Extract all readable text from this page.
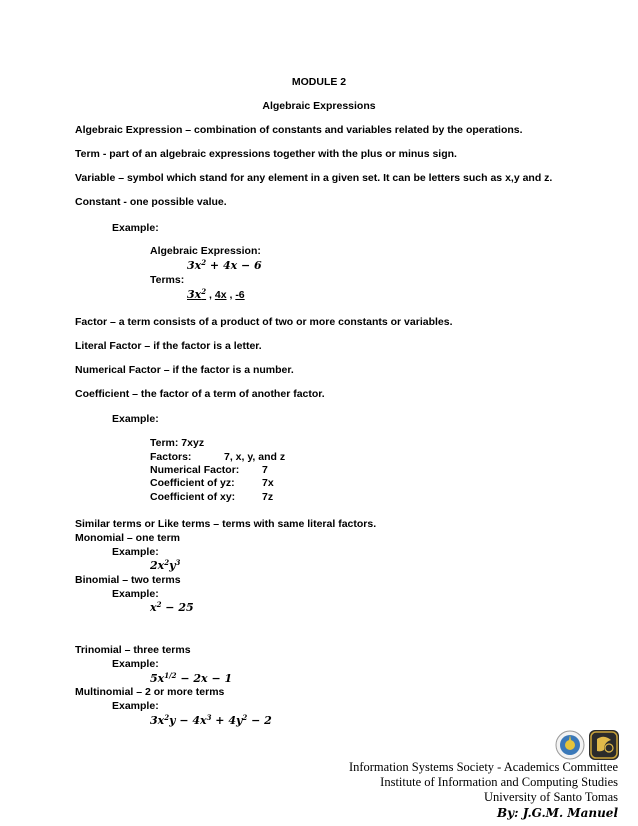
MODULE 2
Algebraic Expressions
Algebraic Expression – combination of constants and variables related by the operations.
Term - part of an algebraic expressions together with the plus or minus sign.
Variable – symbol which stand for any element in a given set. It can be letters such as x,y and z.
Constant - one possible value.
Example:
Algebraic Expression:
$3x^2 + 4x - 6$
Terms:
$3x^2$ , 4x , -6
Factor – a term consists of a product of two or more constants or variables.
Literal Factor – if the factor is a letter.
Numerical Factor – if the factor is a number.
Coefficient – the factor of a term of another factor.
Example:
Term: 7xyz
Factors:	7, x, y, and z
Numerical Factor: 7
Coefficient of yz:	7x
Coefficient of xy:	7z
Similar terms or Like terms – terms with same literal factors.
Monomial – one term
Example:
$2x^2y^3$
Binomial – two terms
Example:
$x^2 - 25$
Trinomial – three terms
Example:
$5x^{1/2} - 2x - 1$
Multinomial – 2 or more terms
Example:
$3x^2y - 4x^3 + 4y^2 - 2$
Information Systems Society - Academics Committee
Institute of Information and Computing Studies
University of Santo Tomas
By: J.G.M. Manuel
